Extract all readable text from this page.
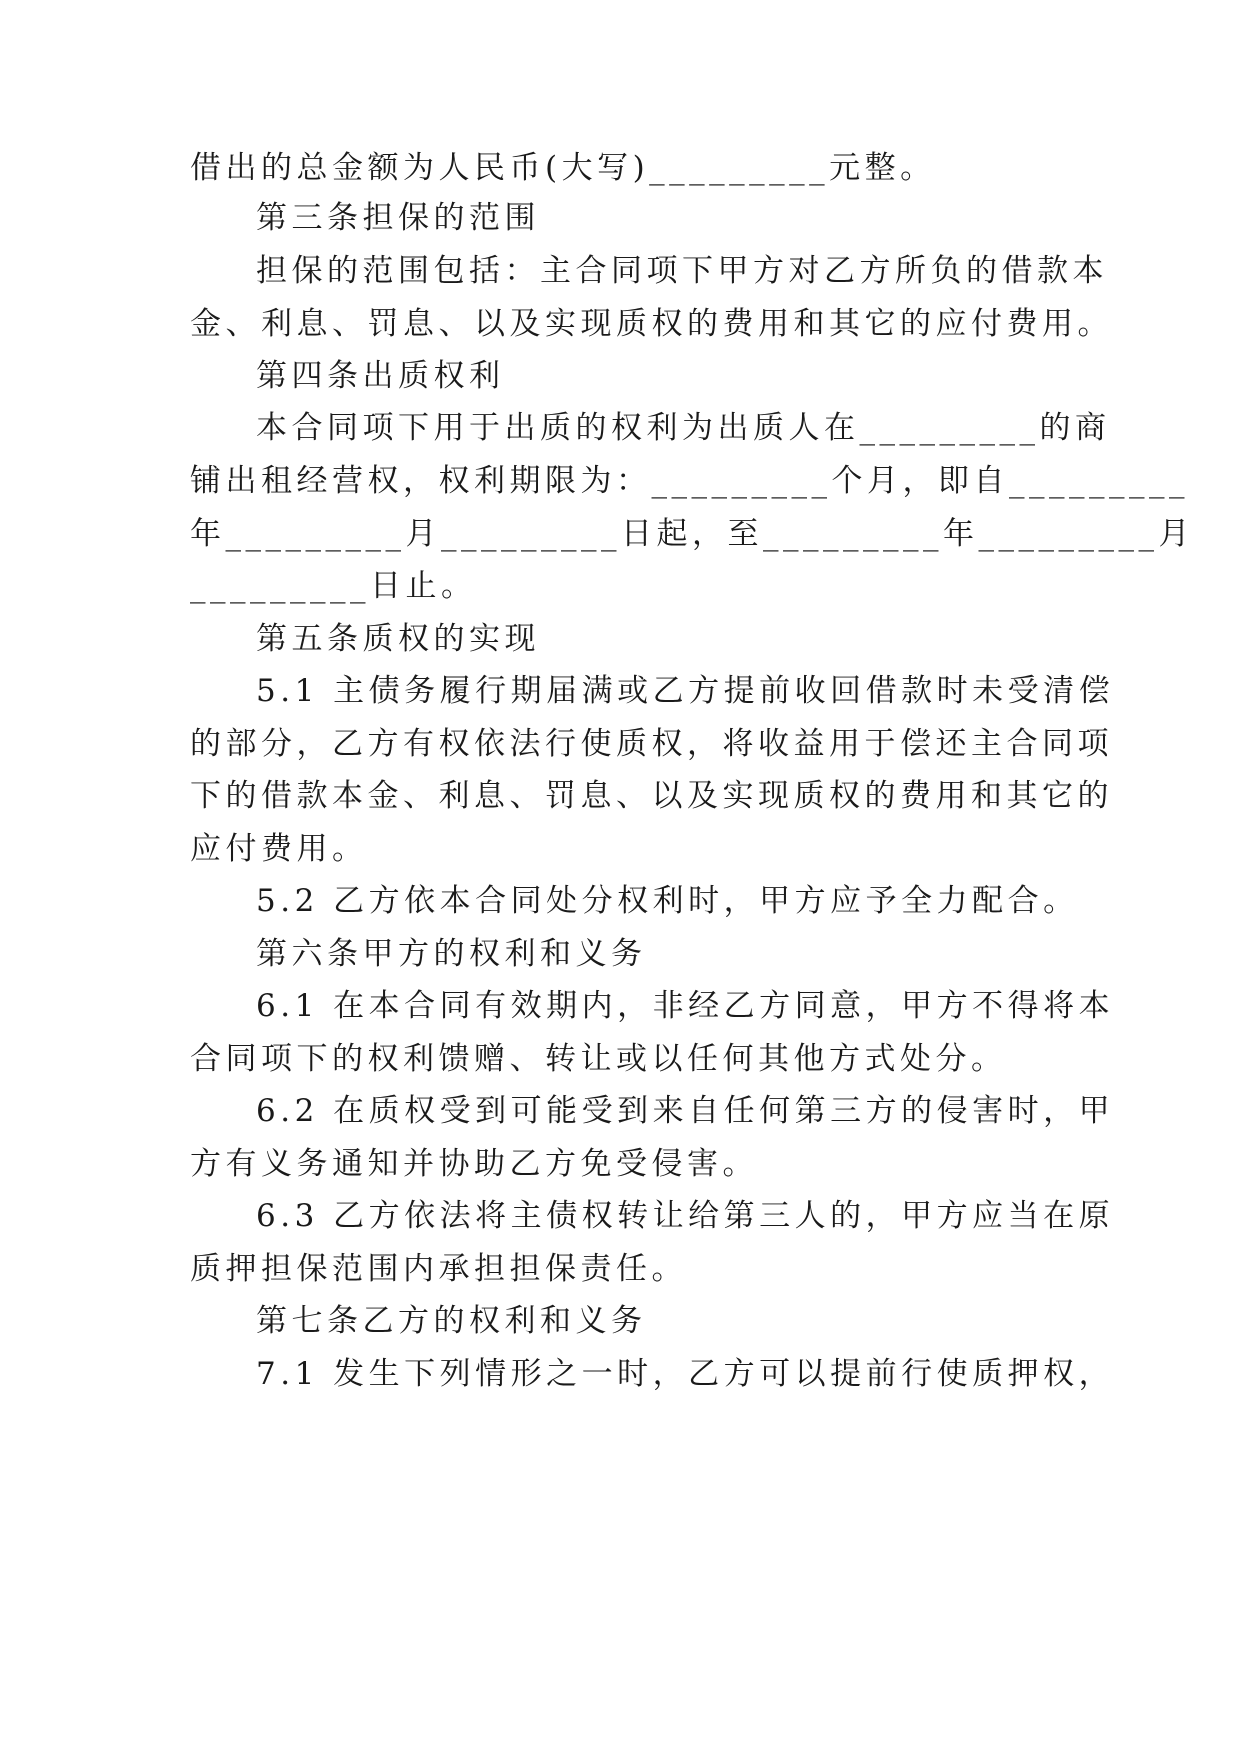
借出的总金额为人民币(大写)_________元整。
第三条担保的范围
担保的范围包括：主合同项下甲方对乙方所负的借款本
金、利息、罚息、以及实现质权的费用和其它的应付费用。
第四条出质权利
本合同项下用于出质的权利为出质人在_________的商
铺出租经营权，权利期限为：_________个月，即自_________
年_________月_________日起，至_________年_________月
_________日止。
第五条质权的实现
5.1 主债务履行期届满或乙方提前收回借款时未受清偿
的部分，乙方有权依法行使质权，将收益用于偿还主合同项
下的借款本金、利息、罚息、以及实现质权的费用和其它的
应付费用。
5.2 乙方依本合同处分权利时，甲方应予全力配合。
第六条甲方的权利和义务
6.1 在本合同有效期内，非经乙方同意，甲方不得将本
合同项下的权利馈赠、转让或以任何其他方式处分。
6.2 在质权受到可能受到来自任何第三方的侵害时，甲
方有义务通知并协助乙方免受侵害。
6.3 乙方依法将主债权转让给第三人的，甲方应当在原
质押担保范围内承担担保责任。
第七条乙方的权利和义务
7.1 发生下列情形之一时，乙方可以提前行使质押权，
